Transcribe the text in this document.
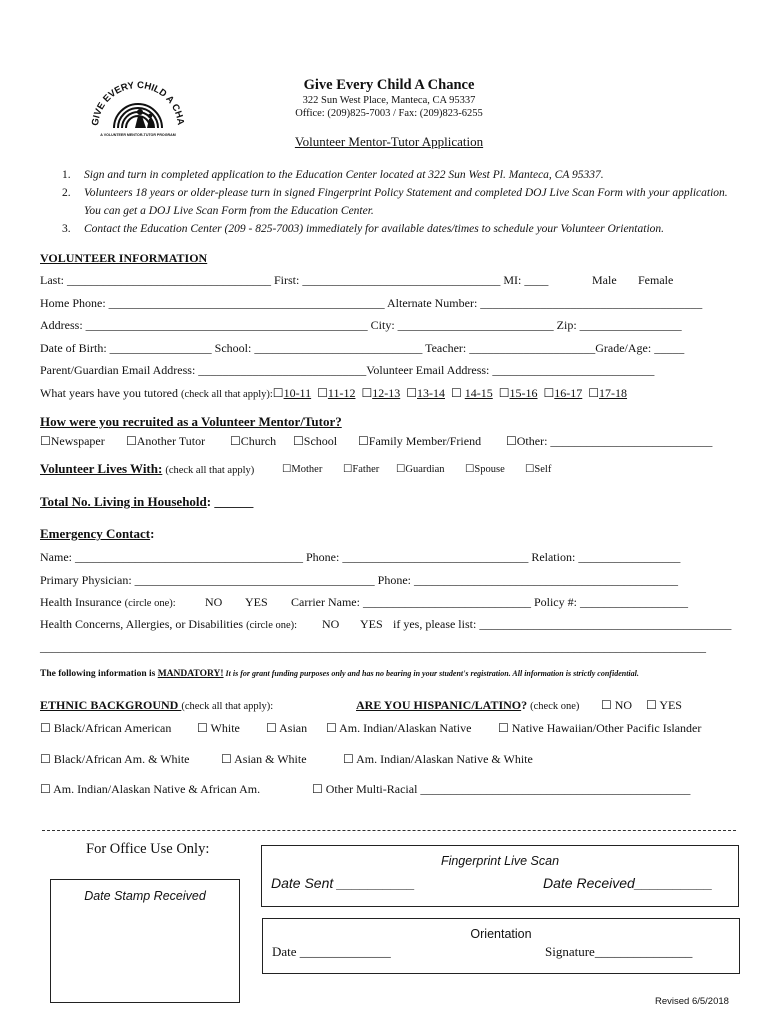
GIVE EVERY CHILD A CHA
A VOLUNTEER MENTOR-TUTOR PROGRAM
Give Every Child A Chance
322 Sun West Place, Manteca, CA 95337
Office: (209)825-7003 / Fax: (209)823-6255
Volunteer Mentor-Tutor Application
1. Sign and turn in completed application to the Education Center located at 322 Sun West Pl. Manteca, CA 95337.
2. Volunteers 18 years or older-please turn in signed Fingerprint Policy Statement and completed DOJ Live Scan Form with your application. You can get a DOJ Live Scan Form from the Education Center.
3. Contact the Education Center (209 - 825-7003) immediately for available dates/times to schedule your Volunteer Orientation.
VOLUNTEER INFORMATION
Last: __________________________________ First: _________________________________ MI: ____	Male Female
Home Phone: ______________________________________________ Alternate Number: _____________________________________
Address: _______________________________________________ City: __________________________ Zip: _________________
Date of Birth: _________________ School: ____________________________ Teacher: _____________________Grade/Age: _____
Parent/Guardian Email Address: ____________________________Volunteer Email Address: ___________________________
What years have you tutored (check all that apply):☐10-11 ☐11-12 ☐12-13 ☐13-14 ☐ 14-15 ☐15-16 ☐16-17 ☐17-18
How were you recruited as a Volunteer Mentor/Tutor?
☐Newspaper ☐Another Tutor ☐Church ☐School ☐Family Member/Friend ☐Other: ___________________________
Volunteer Lives With: (check all that apply)	☐Mother ☐Father ☐Guardian ☐Spouse ☐Self
Total No. Living in Household: ______
Emergency Contact:
Name: ______________________________________ Phone: _______________________________ Relation: _________________
Primary Physician: ________________________________________ Phone: ____________________________________________
Health Insurance (circle one): NO YES Carrier Name: ____________________________ Policy #: __________________
Health Concerns, Allergies, or Disabilities (circle one): NO YES if yes, please list: __________________________________________
_______________________________________________________________________________________________________________
The following information is MANDATORY! It is for grant funding purposes only and has no bearing in your student's registration. All information is strictly confidential.
ETHNIC BACKGROUND (check all that apply):	ARE YOU HISPANIC/LATINO? (check one) ☐ NO ☐ YES
☐ Black/African American ☐ White ☐ Asian ☐ Am. Indian/Alaskan Native ☐ Native Hawaiian/Other Pacific Islander
☐ Black/African Am. & White	☐ Asian & White	☐ Am. Indian/Alaskan Native & White
☐ Am. Indian/Alaskan Native & African Am.	☐ Other Multi-Racial _____________________________________________
For Office Use Only:
Date Stamp Received
Fingerprint Live Scan
Date Sent __________	Date Received__________
Orientation
Date ______________	Signature_______________
Revised 6/5/2018
